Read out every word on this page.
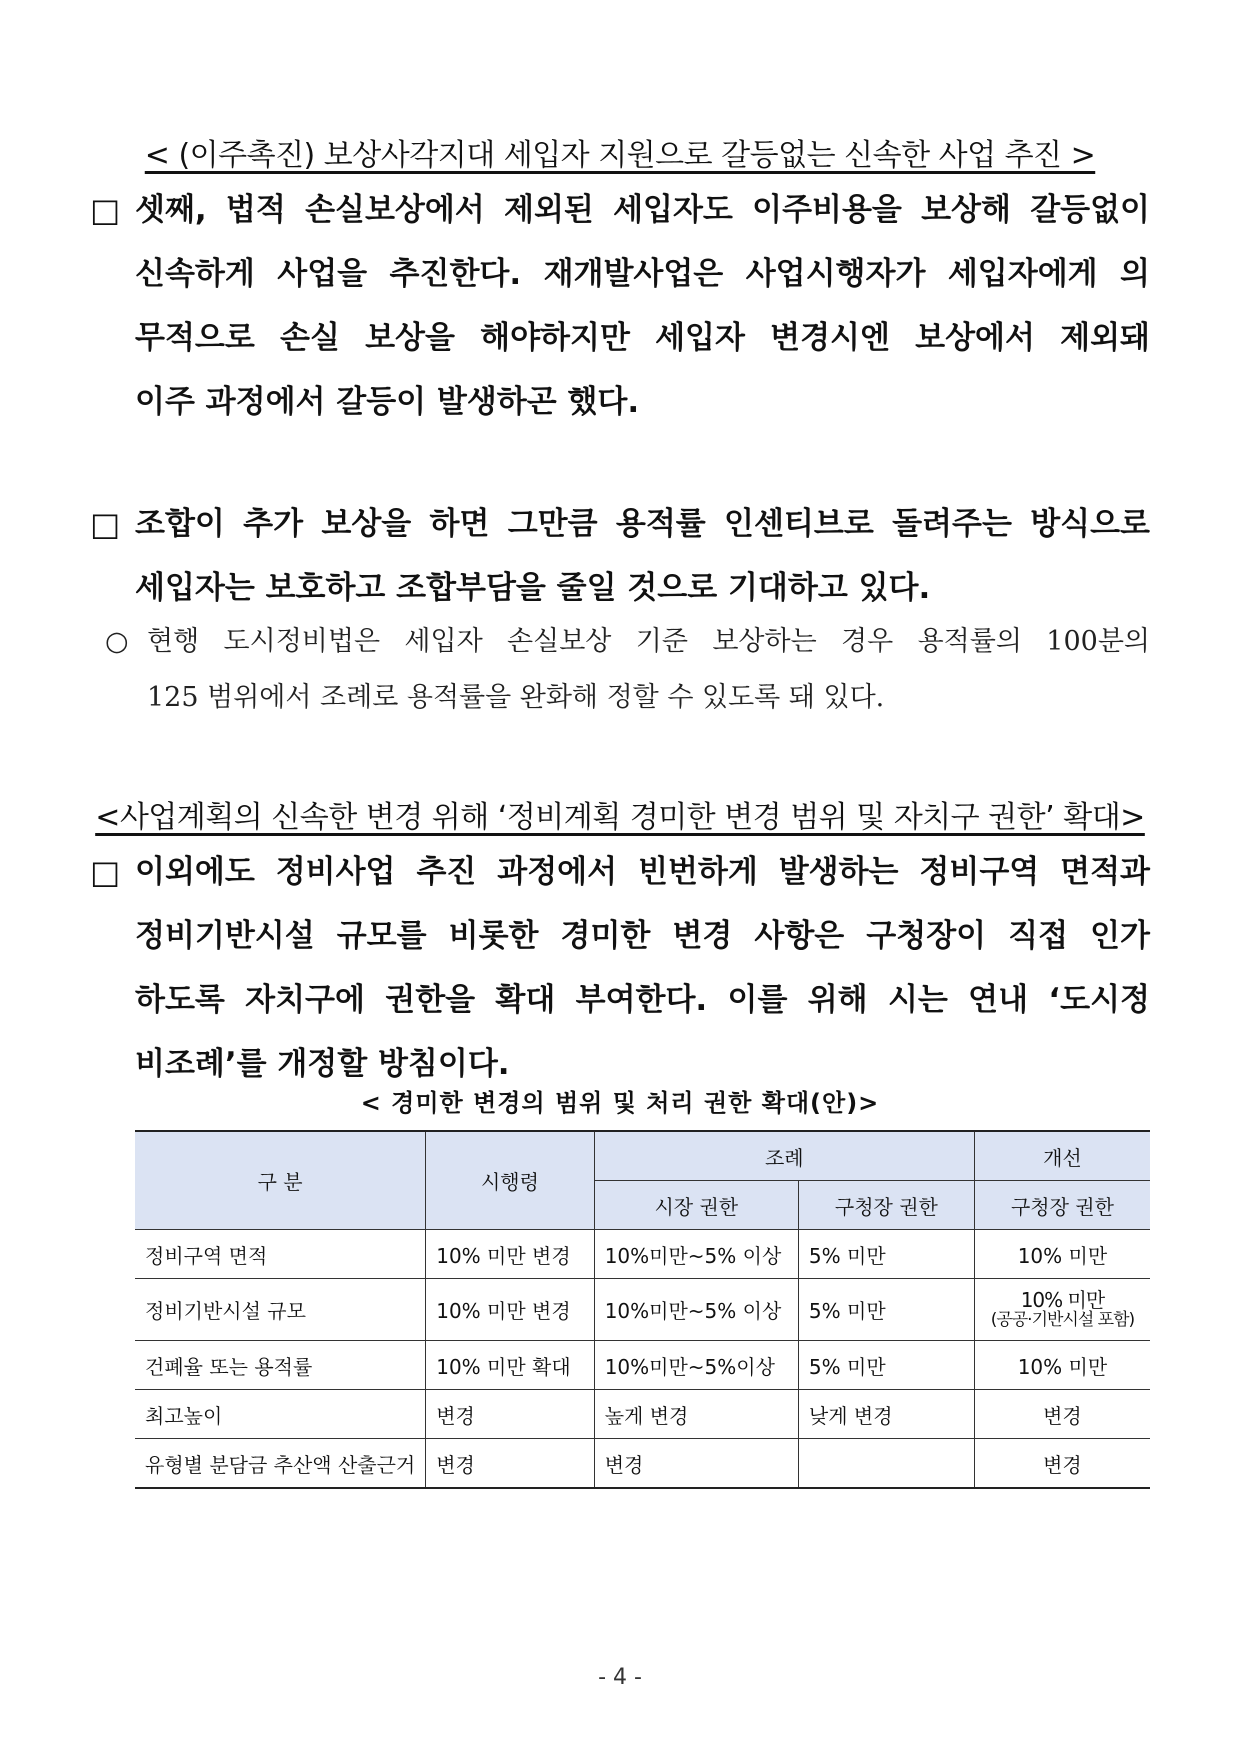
< (이주촉진) 보상사각지대 세입자 지원으로 갈등없는 신속한 사업 추진 >
□ 셋째, 법적 손실보상에서 제외된 세입자도 이주비용을 보상해 갈등없이
신속하게 사업을 추진한다. 재개발사업은 사업시행자가 세입자에게 의
무적으로 손실 보상을 해야하지만 세입자 변경시엔 보상에서 제외돼
이주 과정에서 갈등이 발생하곤 했다.
□ 조합이 추가 보상을 하면 그만큼 용적률 인센티브로 돌려주는 방식으로
세입자는 보호하고 조합부담을 줄일 것으로 기대하고 있다.
○ 현행 도시정비법은 세입자 손실보상 기준 보상하는 경우 용적률의 100분의
125 범위에서 조례로 용적률을 완화해 정할 수 있도록 돼 있다.
<사업계획의 신속한 변경 위해 ‘정비계획 경미한 변경 범위 및 자치구 권한’ 확대>
□ 이외에도 정비사업 추진 과정에서 빈번하게 발생하는 정비구역 면적과
정비기반시설 규모를 비롯한 경미한 변경 사항은 구청장이 직접 인가
하도록 자치구에 권한을 확대 부여한다. 이를 위해 시는 연내 ‘도시정
비조례’를 개정할 방침이다.
< 경미한 변경의 범위 및 처리 권한 확대(안)>
구 분	시행령	조례		개선
		시장 권한	구청장 권한	구청장 권한
정비구역 면적	10% 미만 변경	10%미만~5% 이상	5% 미만	10% 미만
정비기반시설 규모	10% 미만 변경	10%미만~5% 이상	5% 미만	10% 미만
(공공·기반시설 포함)

건폐율 또는 용적률	10% 미만 확대	10%미만~5%이상	5% 미만	10% 미만
최고높이	변경	높게 변경	낮게 변경	변경
유형별 분담금 추산액 산출근거	변경	변경		변경
- 4 -
